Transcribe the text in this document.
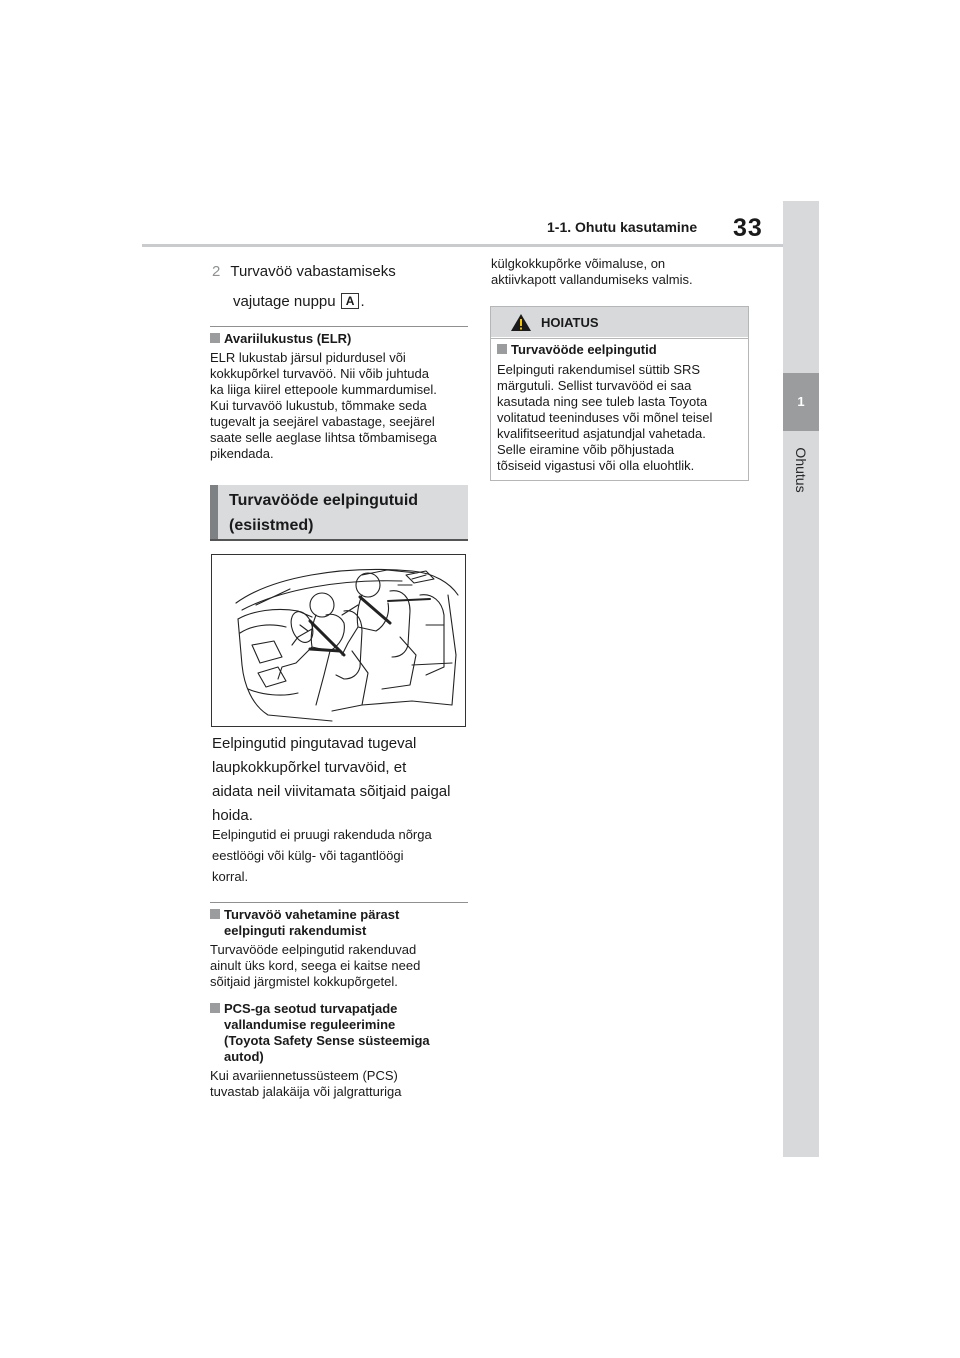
1-1. Ohutu kasutamine 33
1
Ohutus
2 Turvavöö vabastamiseks
vajutage nuppu A .
Avariilukustus (ELR)
ELR lukustab järsul pidurdusel või
kokkupõrkel turvavöö. Nii võib juhtuda
ka liiga kiirel ettepoole kummardumisel.
Kui turvavöö lukustub, tõmmake seda
tugevalt ja seejärel vabastage, seejärel
saate selle aeglase lihtsa tõmbamisega
pikendada.
Turvavööde eelpingutuid
(esiistmed)
Eelpingutid pingutavad tugeval
laupkokkupõrkel turvavöid, et
aidata neil viivitamata sõitjaid paigal
hoida.
Eelpingutid ei pruugi rakenduda nõrga
eestlöögi või külg- või tagantlöögi
korral.
Turvavöö vahetamine pärast
eelpinguti rakendumist
Turvavööde eelpingutid rakenduvad
ainult üks kord, seega ei kaitse need
sõitjaid järgmistel kokkupõrgetel.
PCS-ga seotud turvapatjade
vallandumise reguleerimine
(Toyota Safety Sense süsteemiga
autod)
Kui avariiennetussüsteem (PCS)
tuvastab jalakäija või jalgratturiga
külgkokkupõrke võimaluse, on
aktiivkapott vallandumiseks valmis.
HOIATUS
Turvavööde eelpingutid
Eelpinguti rakendumisel süttib SRS
märgutuli. Sellist turvavööd ei saa
kasutada ning see tuleb lasta Toyota
volitatud teeninduses või mõnel teisel
kvalifitseeritud asjatundjal vahetada.
Selle eiramine võib põhjustada
tõsiseid vigastusi või olla eluohtlik.
